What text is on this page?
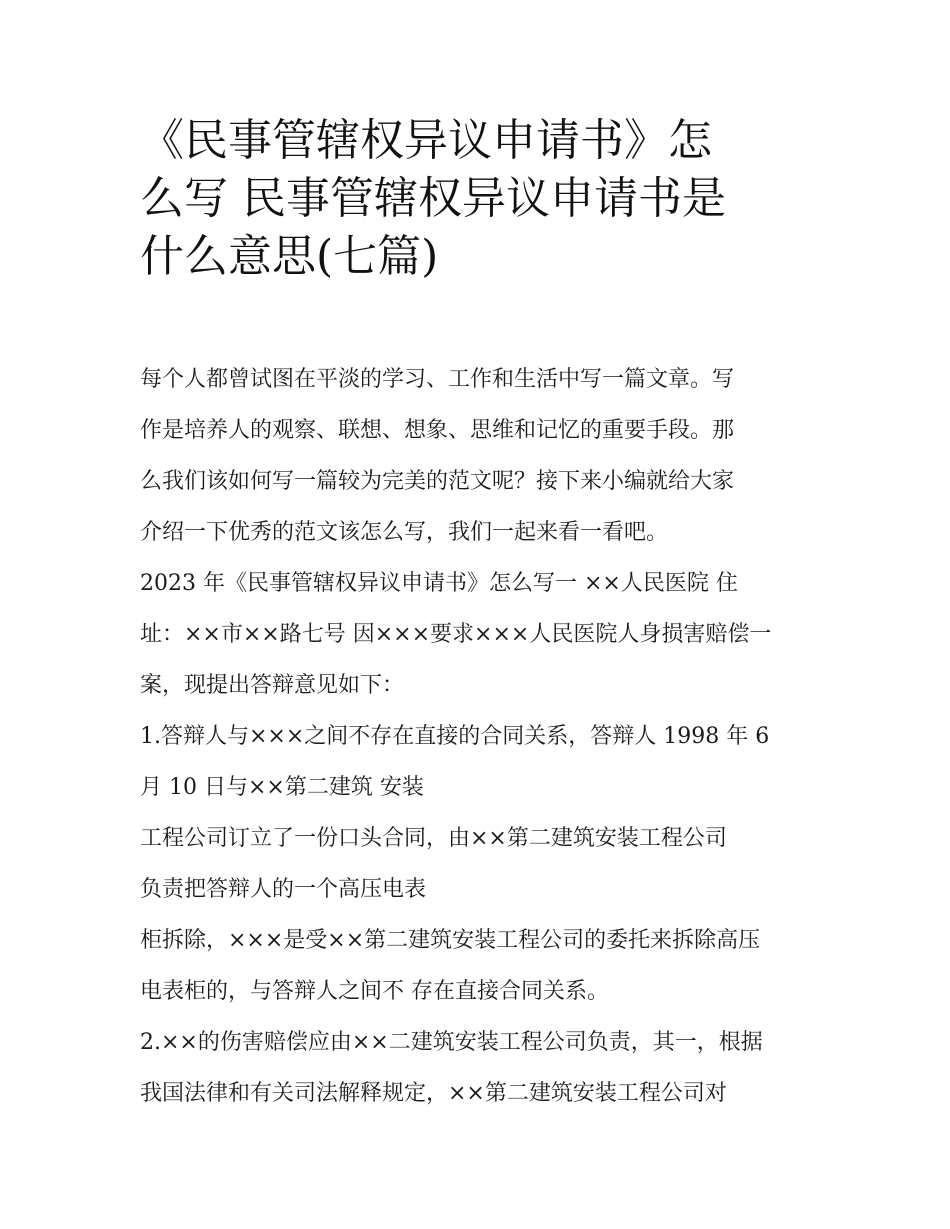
《民事管辖权异议申请书》怎
么写 民事管辖权异议申请书是
什么意思(七篇)
每个人都曾试图在平淡的学习、工作和生活中写一篇文章。写
作是培养人的观察、联想、想象、思维和记忆的重要手段。那
么我们该如何写一篇较为完美的范文呢？接下来小编就给大家
介绍一下优秀的范文该怎么写，我们一起来看一看吧。
2023 年《民事管辖权异议申请书》怎么写一 ××人民医院 住
址：××市××路七号 因×××要求×××人民医院人身损害赔偿一
案，现提出答辩意见如下：
1.答辩人与×××之间不存在直接的合同关系，答辩人 1998 年 6
月 10 日与××第二建筑 安装
工程公司订立了一份口头合同，由××第二建筑安装工程公司
负责把答辩人的一个高压电表
柜拆除，×××是受××第二建筑安装工程公司的委托来拆除高压
电表柜的，与答辩人之间不 存在直接合同关系。
2.××的伤害赔偿应由××二建筑安装工程公司负责，其一，根据
我国法律和有关司法解释规定，××第二建筑安装工程公司对
